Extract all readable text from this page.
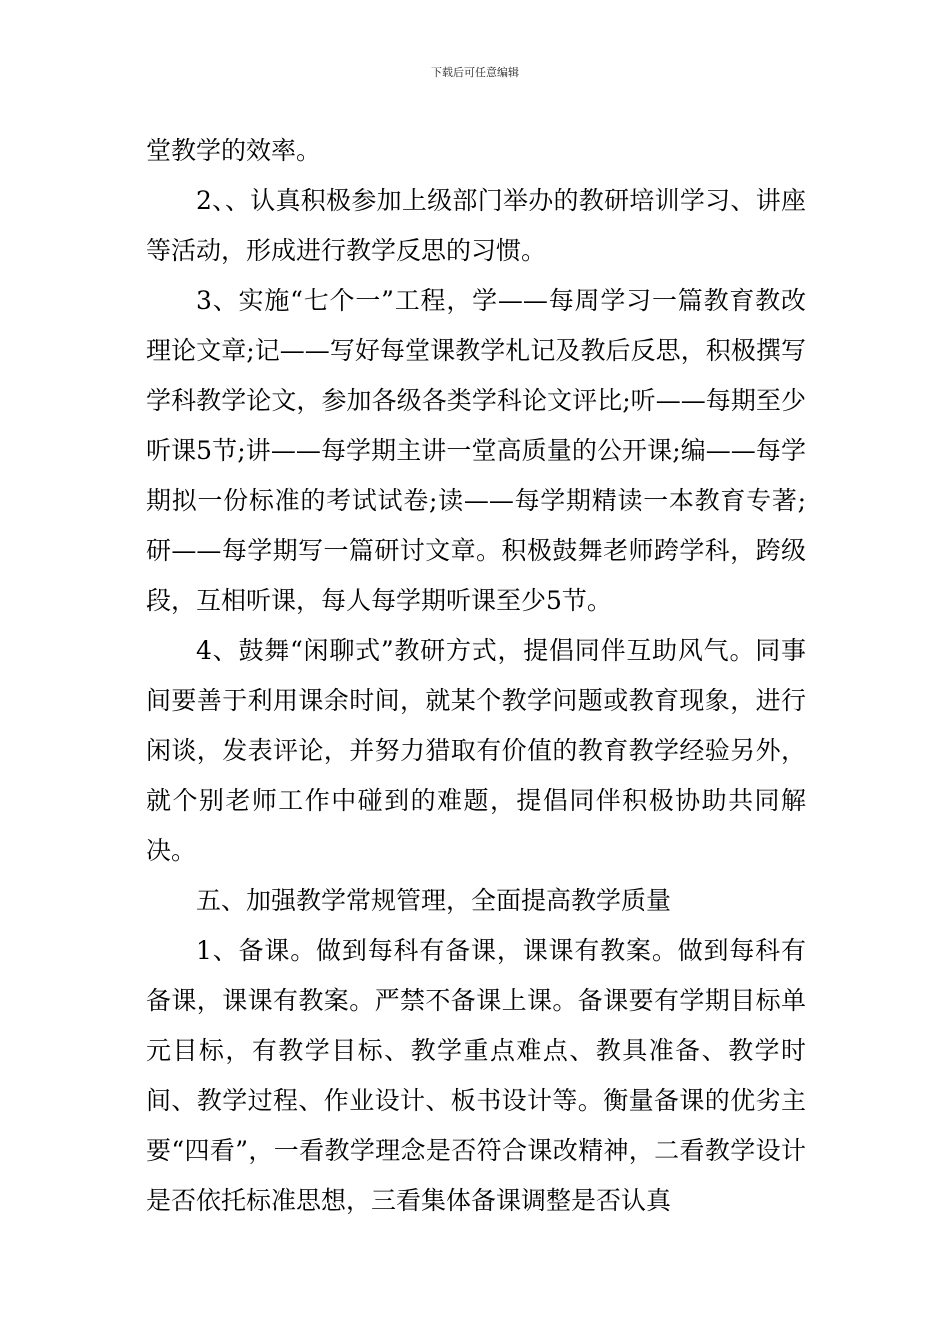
下载后可任意编辑

堂教学的效率。

2、、认真积极参加上级部门举办的教研培训学习、讲座等活动，形成进行教学反思的习惯。

3、实施“七个一”工程，学——每周学习一篇教育教改理论文章;记——写好每堂课教学札记及教后反思，积极撰写学科教学论文，参加各级各类学科论文评比;听——每期至少听课5节;讲——每学期主讲一堂高质量的公开课;编——每学期拟一份标准的考试试卷;读——每学期精读一本教育专著;研——每学期写一篇研讨文章。积极鼓舞老师跨学科，跨级段，互相听课，每人每学期听课至少5节。

4、鼓舞“闲聊式”教研方式，提倡同伴互助风气。同事间要善于利用课余时间，就某个教学问题或教育现象，进行闲谈，发表评论，并努力猎取有价值的教育教学经验另外，就个别老师工作中碰到的难题，提倡同伴积极协助共同解决。

五、加强教学常规管理，全面提高教学质量

1、备课。做到每科有备课，课课有教案。做到每科有备课，课课有教案。严禁不备课上课。备课要有学期目标单元目标，有教学目标、教学重点难点、教具准备、教学时间、教学过程、作业设计、板书设计等。衡量备课的优劣主要“四看”，一看教学理念是否符合课改精神，二看教学设计是否依托标准思想，三看集体备课调整是否认真
